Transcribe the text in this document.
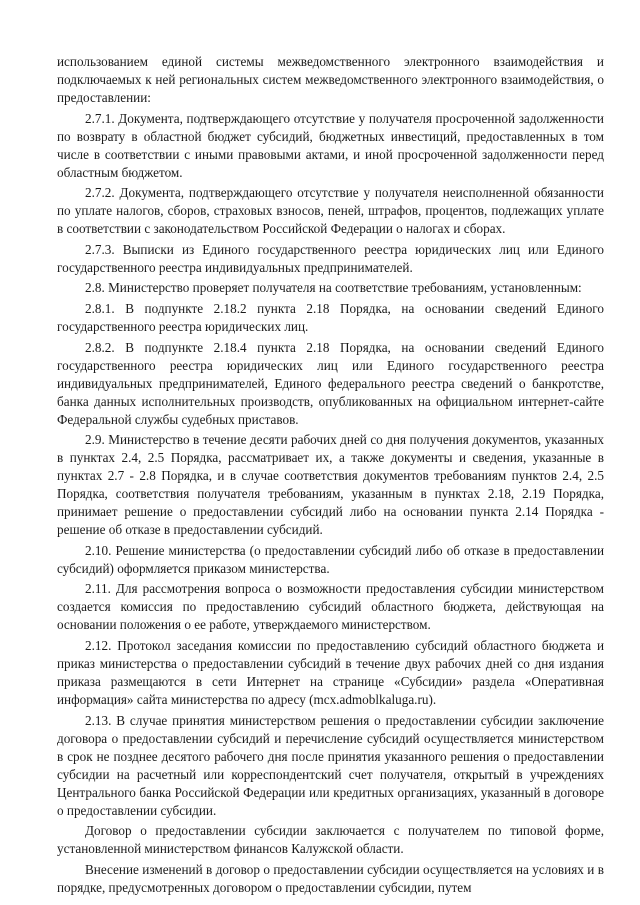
использованием единой системы межведомственного электронного взаимодействия и подключаемых к ней региональных систем межведомственного электронного взаимодействия, о предоставлении:

2.7.1. Документа, подтверждающего отсутствие у получателя просроченной задолженности по возврату в областной бюджет субсидий, бюджетных инвестиций, предоставленных в том числе в соответствии с иными правовыми актами, и иной просроченной задолженности перед областным бюджетом.

2.7.2. Документа, подтверждающего отсутствие у получателя неисполненной обязанности по уплате налогов, сборов, страховых взносов, пеней, штрафов, процентов, подлежащих уплате в соответствии с законодательством Российской Федерации о налогах и сборах.

2.7.3. Выписки из Единого государственного реестра юридических лиц или Единого государственного реестра индивидуальных предпринимателей.

2.8. Министерство проверяет получателя на соответствие требованиям, установленным:

2.8.1. В подпункте 2.18.2 пункта 2.18 Порядка, на основании сведений Единого государственного реестра юридических лиц.

2.8.2. В подпункте 2.18.4 пункта 2.18 Порядка, на основании сведений Единого государственного реестра юридических лиц или Единого государственного реестра индивидуальных предпринимателей, Единого федерального реестра сведений о банкротстве, банка данных исполнительных производств, опубликованных на официальном интернет-сайте Федеральной службы судебных приставов.

2.9. Министерство в течение десяти рабочих дней со дня получения документов, указанных в пунктах 2.4, 2.5 Порядка, рассматривает их, а также документы и сведения, указанные в пунктах 2.7 - 2.8 Порядка, и в случае соответствия документов требованиям пунктов 2.4, 2.5 Порядка, соответствия получателя требованиям, указанным в пунктах 2.18, 2.19 Порядка, принимает решение о предоставлении субсидий либо на основании пункта 2.14 Порядка - решение об отказе в предоставлении субсидий.

2.10. Решение министерства (о предоставлении субсидий либо об отказе в предоставлении субсидий) оформляется приказом министерства.

2.11. Для рассмотрения вопроса о возможности предоставления субсидии министерством создается комиссия по предоставлению субсидий областного бюджета, действующая на основании положения о ее работе, утверждаемого министерством.

2.12. Протокол заседания комиссии по предоставлению субсидий областного бюджета и приказ министерства о предоставлении субсидий в течение двух рабочих дней со дня издания приказа размещаются в сети Интернет на странице «Субсидии» раздела «Оперативная информация» сайта министерства по адресу (mcx.admoblkaluga.ru).

2.13. В случае принятия министерством решения о предоставлении субсидии заключение договора о предоставлении субсидий и перечисление субсидий осуществляется министерством в срок не позднее десятого рабочего дня после принятия указанного решения о предоставлении субсидии на расчетный или корреспондентский счет получателя, открытый в учреждениях Центрального банка Российской Федерации или кредитных организациях, указанный в договоре о предоставлении субсидии.

Договор о предоставлении субсидии заключается с получателем по типовой форме, установленной министерством финансов Калужской области.

Внесение изменений в договор о предоставлении субсидии осуществляется на условиях и в порядке, предусмотренных договором о предоставлении субсидии, путем
